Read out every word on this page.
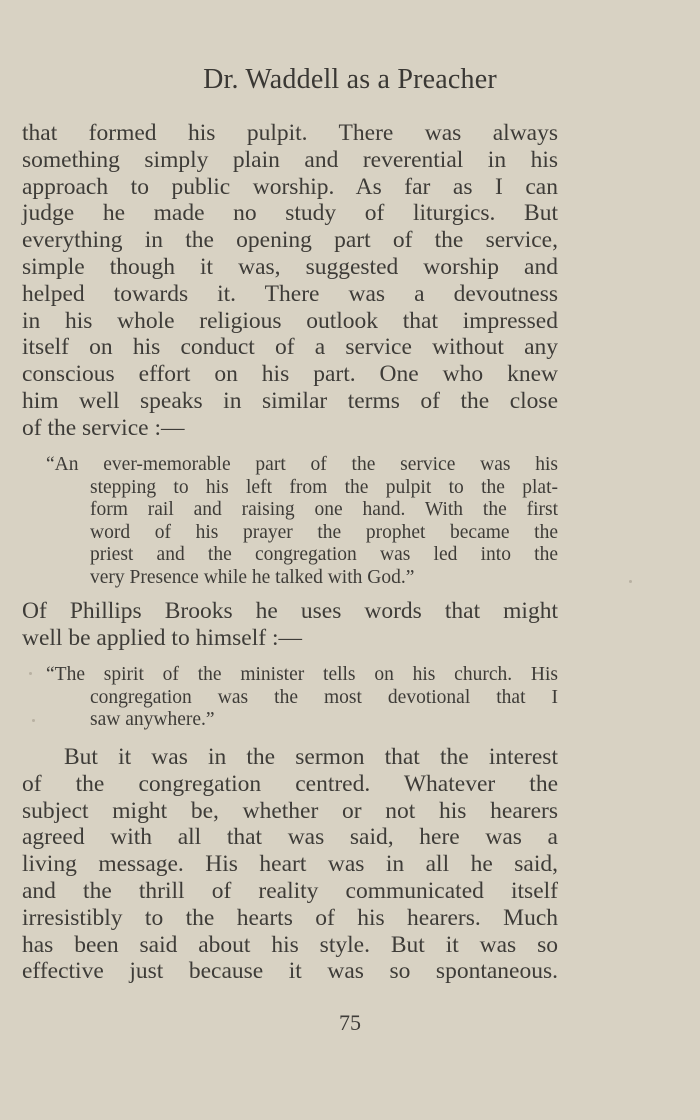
Dr. Waddell as a Preacher
that formed his pulpit. There was always
something simply plain and reverential in his
approach to public worship. As far as I can
judge he made no study of liturgics. But
everything in the opening part of the service,
simple though it was, suggested worship and
helped towards it. There was a devoutness
in his whole religious outlook that impressed
itself on his conduct of a service without any
conscious effort on his part. One who knew
him well speaks in similar terms of the close
of the service :—
“An ever-memorable part of the service was his
stepping to his left from the pulpit to the plat-
form rail and raising one hand. With the first
word of his prayer the prophet became the
priest and the congregation was led into the
very Presence while he talked with God.”
Of Phillips Brooks he uses words that might
well be applied to himself :—
“The spirit of the minister tells on his church. His
congregation was the most devotional that I
saw anywhere.”
But it was in the sermon that the interest
of the congregation centred. Whatever the
subject might be, whether or not his hearers
agreed with all that was said, here was a
living message. His heart was in all he said,
and the thrill of reality communicated itself
irresistibly to the hearts of his hearers. Much
has been said about his style. But it was so
effective just because it was so spontaneous.
75
